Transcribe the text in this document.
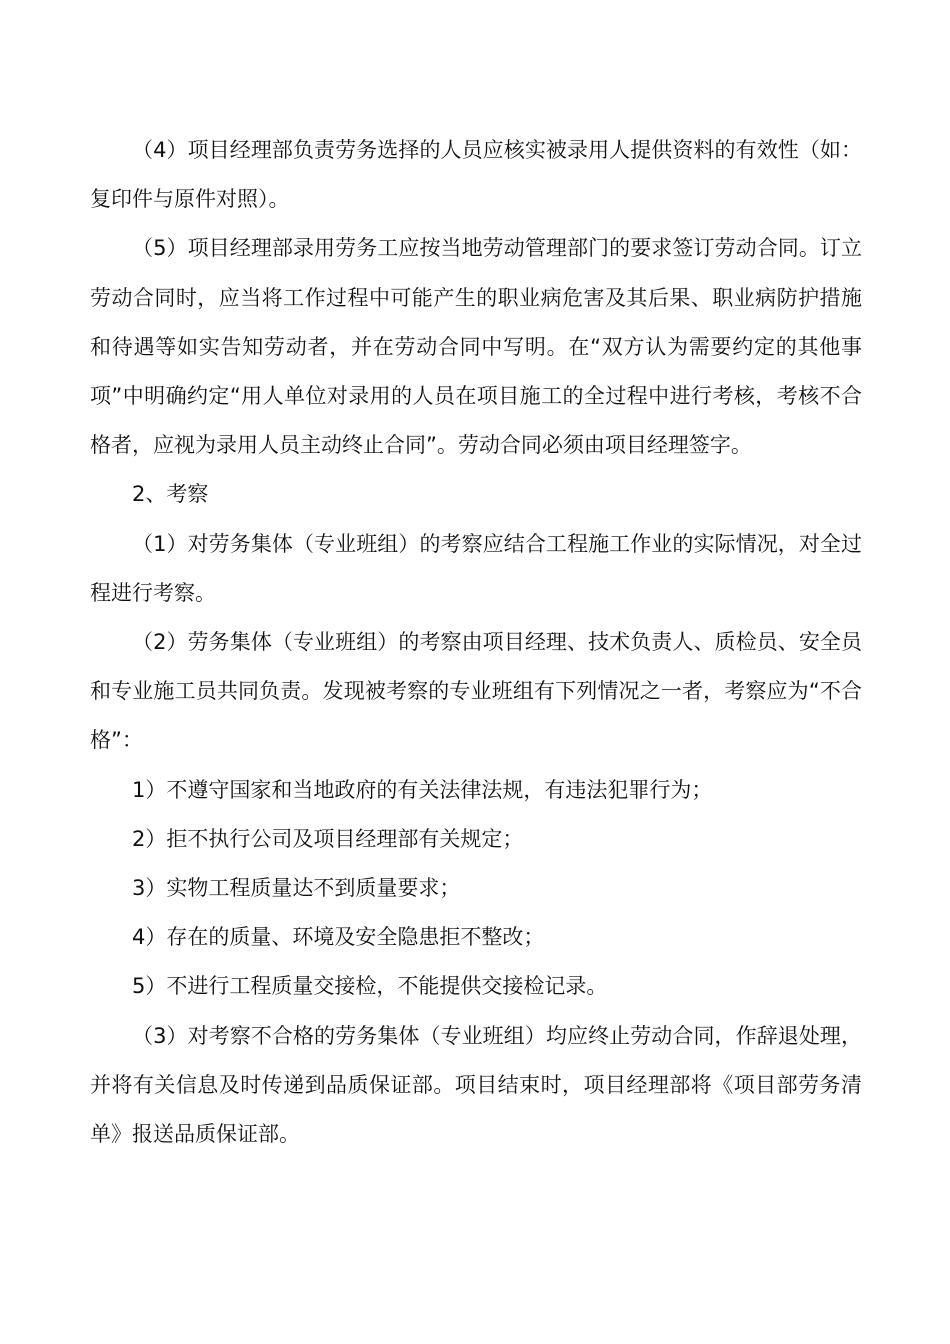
（4）项目经理部负责劳务选择的人员应核实被录用人提供资料的有效性（如：复印件与原件对照）。

（5）项目经理部录用劳务工应按当地劳动管理部门的要求签订劳动合同。订立劳动合同时，应当将工作过程中可能产生的职业病危害及其后果、职业病防护措施和待遇等如实告知劳动者，并在劳动合同中写明。在“双方认为需要约定的其他事项”中明确约定“用人单位对录用的人员在项目施工的全过程中进行考核，考核不合格者，应视为录用人员主动终止合同”。劳动合同必须由项目经理签字。

2、考察

（1）对劳务集体（专业班组）的考察应结合工程施工作业的实际情况，对全过程进行考察。

（2）劳务集体（专业班组）的考察由项目经理、技术负责人、质检员、安全员和专业施工员共同负责。发现被考察的专业班组有下列情况之一者，考察应为“不合格”：

1）不遵守国家和当地政府的有关法律法规，有违法犯罪行为；

2）拒不执行公司及项目经理部有关规定；

3）实物工程质量达不到质量要求；

4）存在的质量、环境及安全隐患拒不整改；

5）不进行工程质量交接检，不能提供交接检记录。

（3）对考察不合格的劳务集体（专业班组）均应终止劳动合同，作辞退处理，并将有关信息及时传递到品质保证部。项目结束时，项目经理部将《项目部劳务清单》报送品质保证部。
